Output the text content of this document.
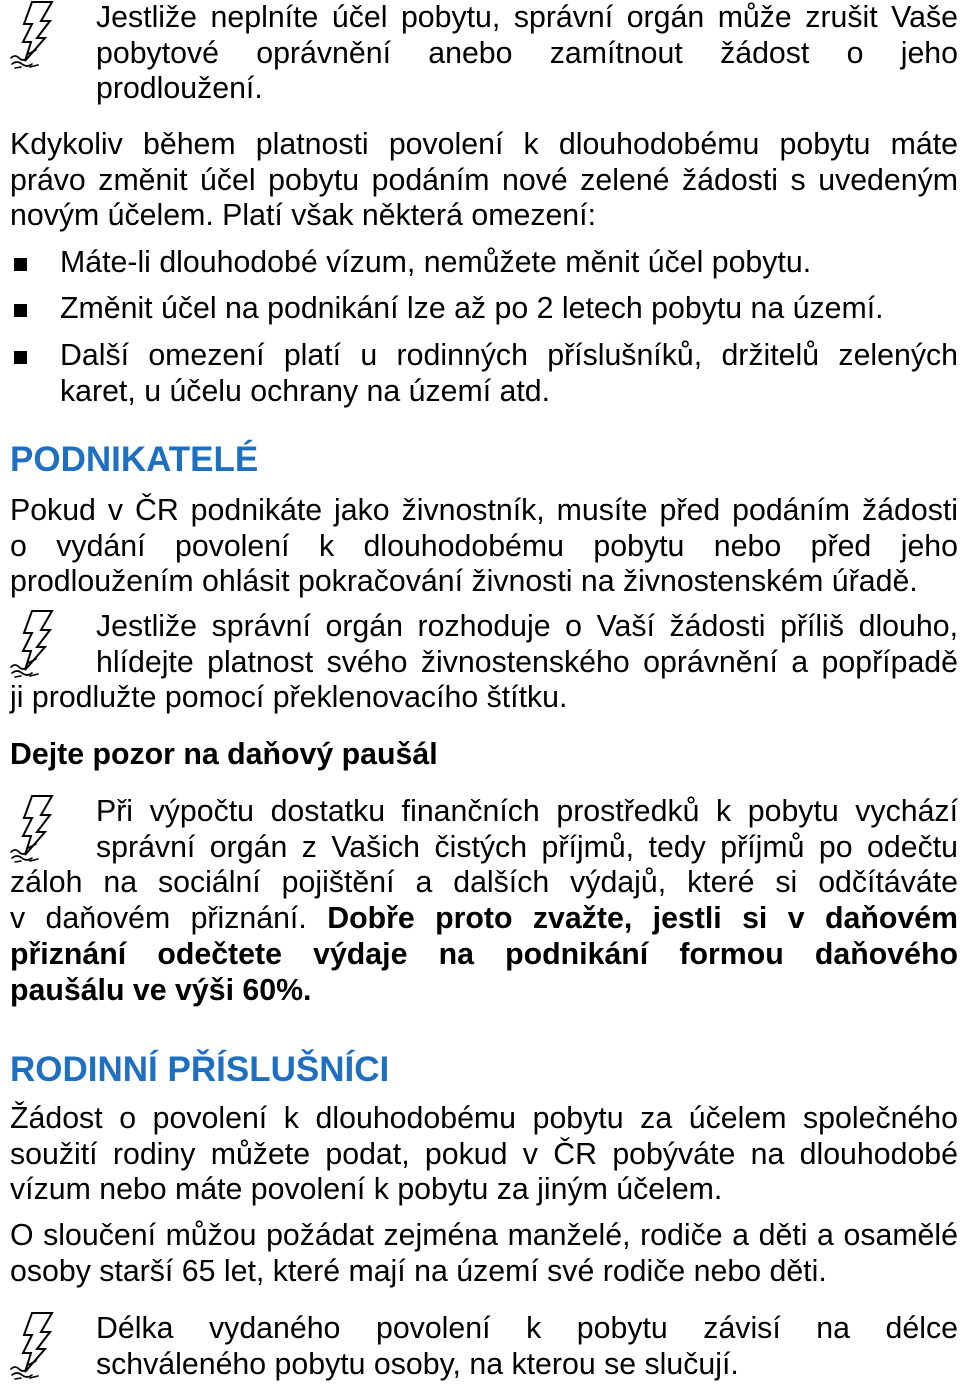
Jestliže neplníte účel pobytu, správní orgán může zrušit Vaše
pobytové oprávnění anebo zamítnout žádost o jeho
prodloužení.
Kdykoliv během platnosti povolení k dlouhodobému pobytu máte
právo změnit účel pobytu podáním nové zelené žádosti s uvedeným
novým účelem. Platí však některá omezení:
Máte-li dlouhodobé vízum, nemůžete měnit účel pobytu.
Změnit účel na podnikání lze až po 2 letech pobytu na území.
Další omezení platí u rodinných příslušníků, držitelů zelených
karet, u účelu ochrany na území atd.
PODNIKATELÉ
Pokud v ČR podnikáte jako živnostník, musíte před podáním žádosti
o vydání povolení k dlouhodobému pobytu nebo před jeho
prodloužením ohlásit pokračování živnosti na živnostenském úřadě.
Jestliže správní orgán rozhoduje o Vaší žádosti příliš dlouho,
hlídejte platnost svého živnostenského oprávnění a popřípadě
ji prodlužte pomocí překlenovacího štítku.
Dejte pozor na daňový paušál
Při výpočtu dostatku finančních prostředků k pobytu vychází
správní orgán z Vašich čistých příjmů, tedy příjmů po odečtu
záloh na sociální pojištění a dalších výdajů, které si odčítáváte
v daňovém přiznání. Dobře proto zvažte, jestli si v daňovém
přiznání odečtete výdaje na podnikání formou daňového
paušálu ve výši 60%.
RODINNÍ PŘÍSLUŠNÍCI
Žádost o povolení k dlouhodobému pobytu za účelem společného
soužití rodiny můžete podat, pokud v ČR pobýváte na dlouhodobé
vízum nebo máte povolení k pobytu za jiným účelem.
O sloučení můžou požádat zejména manželé, rodiče a děti a osamělé
osoby starší 65 let, které mají na území své rodiče nebo děti.
Délka vydaného povolení k pobytu závisí na délce
schváleného pobytu osoby, na kterou se slučují.
